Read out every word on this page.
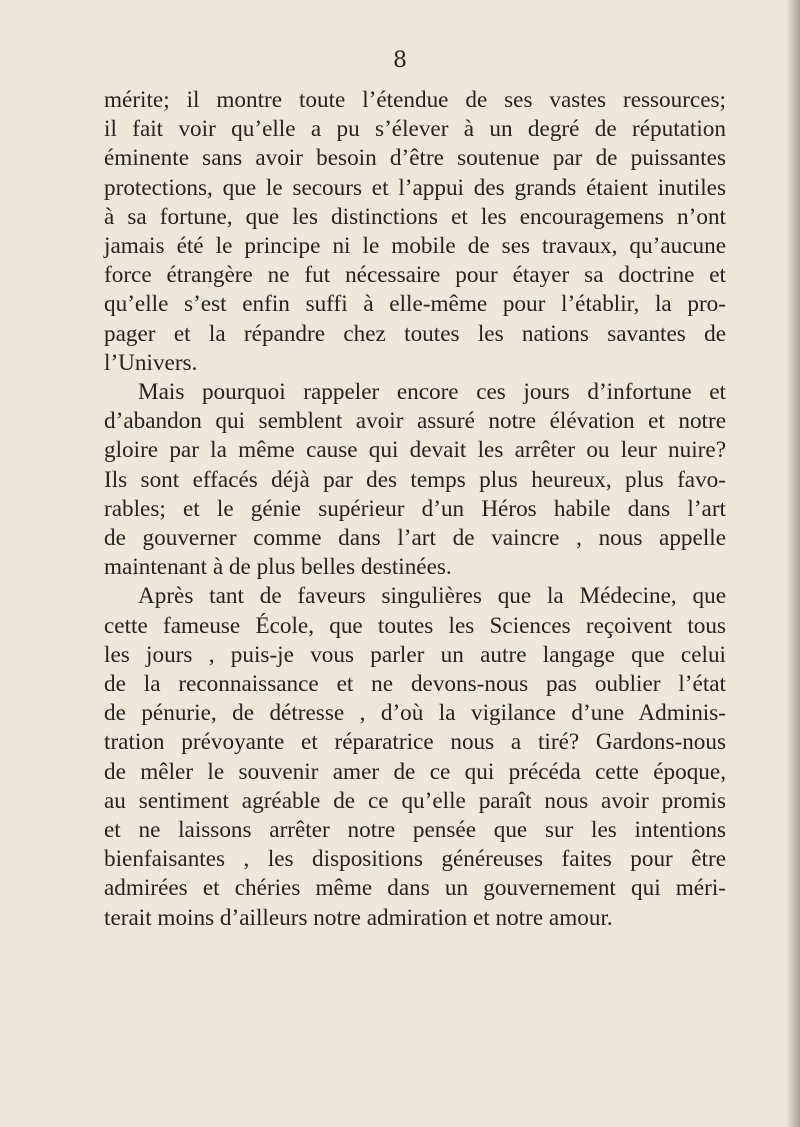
8
mérite; il montre toute l’étendue de ses vastes ressources;
il fait voir qu’elle a pu s’élever à un degré de réputation
éminente sans avoir besoin d’être soutenue par de puissantes
protections, que le secours et l’appui des grands étaient inutiles
à sa fortune, que les distinctions et les encouragemens n’ont
jamais été le principe ni le mobile de ses travaux, qu’aucune
force étrangère ne fut nécessaire pour étayer sa doctrine et
qu’elle s’est enfin suffi à elle-même pour l’établir, la pro-
pager et la répandre chez toutes les nations savantes de
l’Univers.
Mais pourquoi rappeler encore ces jours d’infortune et
d’abandon qui semblent avoir assuré notre élévation et notre
gloire par la même cause qui devait les arrêter ou leur nuire?
Ils sont effacés déjà par des temps plus heureux, plus favo-
rables; et le génie supérieur d’un Héros habile dans l’art
de gouverner comme dans l’art de vaincre , nous appelle
maintenant à de plus belles destinées.
Après tant de faveurs singulières que la Médecine, que
cette fameuse École, que toutes les Sciences reçoivent tous
les jours , puis-je vous parler un autre langage que celui
de la reconnaissance et ne devons-nous pas oublier l’état
de pénurie, de détresse , d’où la vigilance d’une Adminis-
tration prévoyante et réparatrice nous a tiré? Gardons-nous
de mêler le souvenir amer de ce qui précéda cette époque,
au sentiment agréable de ce qu’elle paraît nous avoir promis
et ne laissons arrêter notre pensée que sur les intentions
bienfaisantes , les dispositions généreuses faites pour être
admirées et chéries même dans un gouvernement qui méri-
terait moins d’ailleurs notre admiration et notre amour.
